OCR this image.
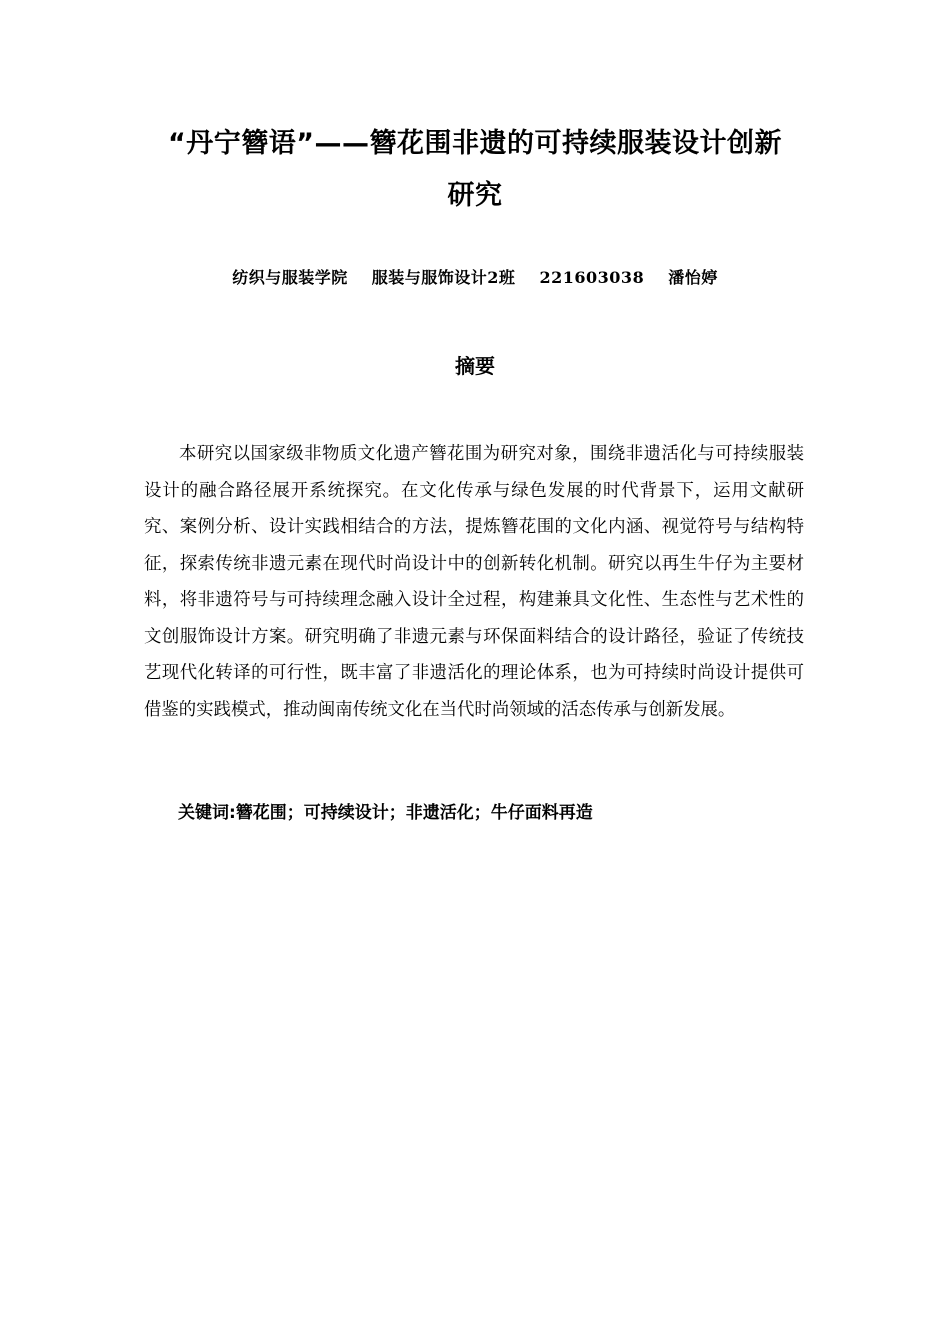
“丹宁簪语”——簪花围非遗的可持续服装设计创新
研究
纺织与服装学院 服装与服饰设计2班 221603038 潘怡婷
摘要

本研究以国家级非物质文化遗产簪花围为研究对象，围绕非遗活化与可持续服装设计的融合路径展开系统探究。在文化传承与绿色发展的时代背景下，运用文献研究、案例分析、设计实践相结合的方法，提炼簪花围的文化内涵、视觉符号与结构特征，探索传统非遗元素在现代时尚设计中的创新转化机制。研究以再生牛仔为主要材料，将非遗符号与可持续理念融入设计全过程，构建兼具文化性、生态性与艺术性的文创服饰设计方案。研究明确了非遗元素与环保面料结合的设计路径，验证了传统技艺现代化转译的可行性，既丰富了非遗活化的理论体系，也为可持续时尚设计提供可借鉴的实践模式，推动闽南传统文化在当代时尚领域的活态传承与创新发展。

关键词:簪花围；可持续设计；非遗活化；牛仔面料再造
